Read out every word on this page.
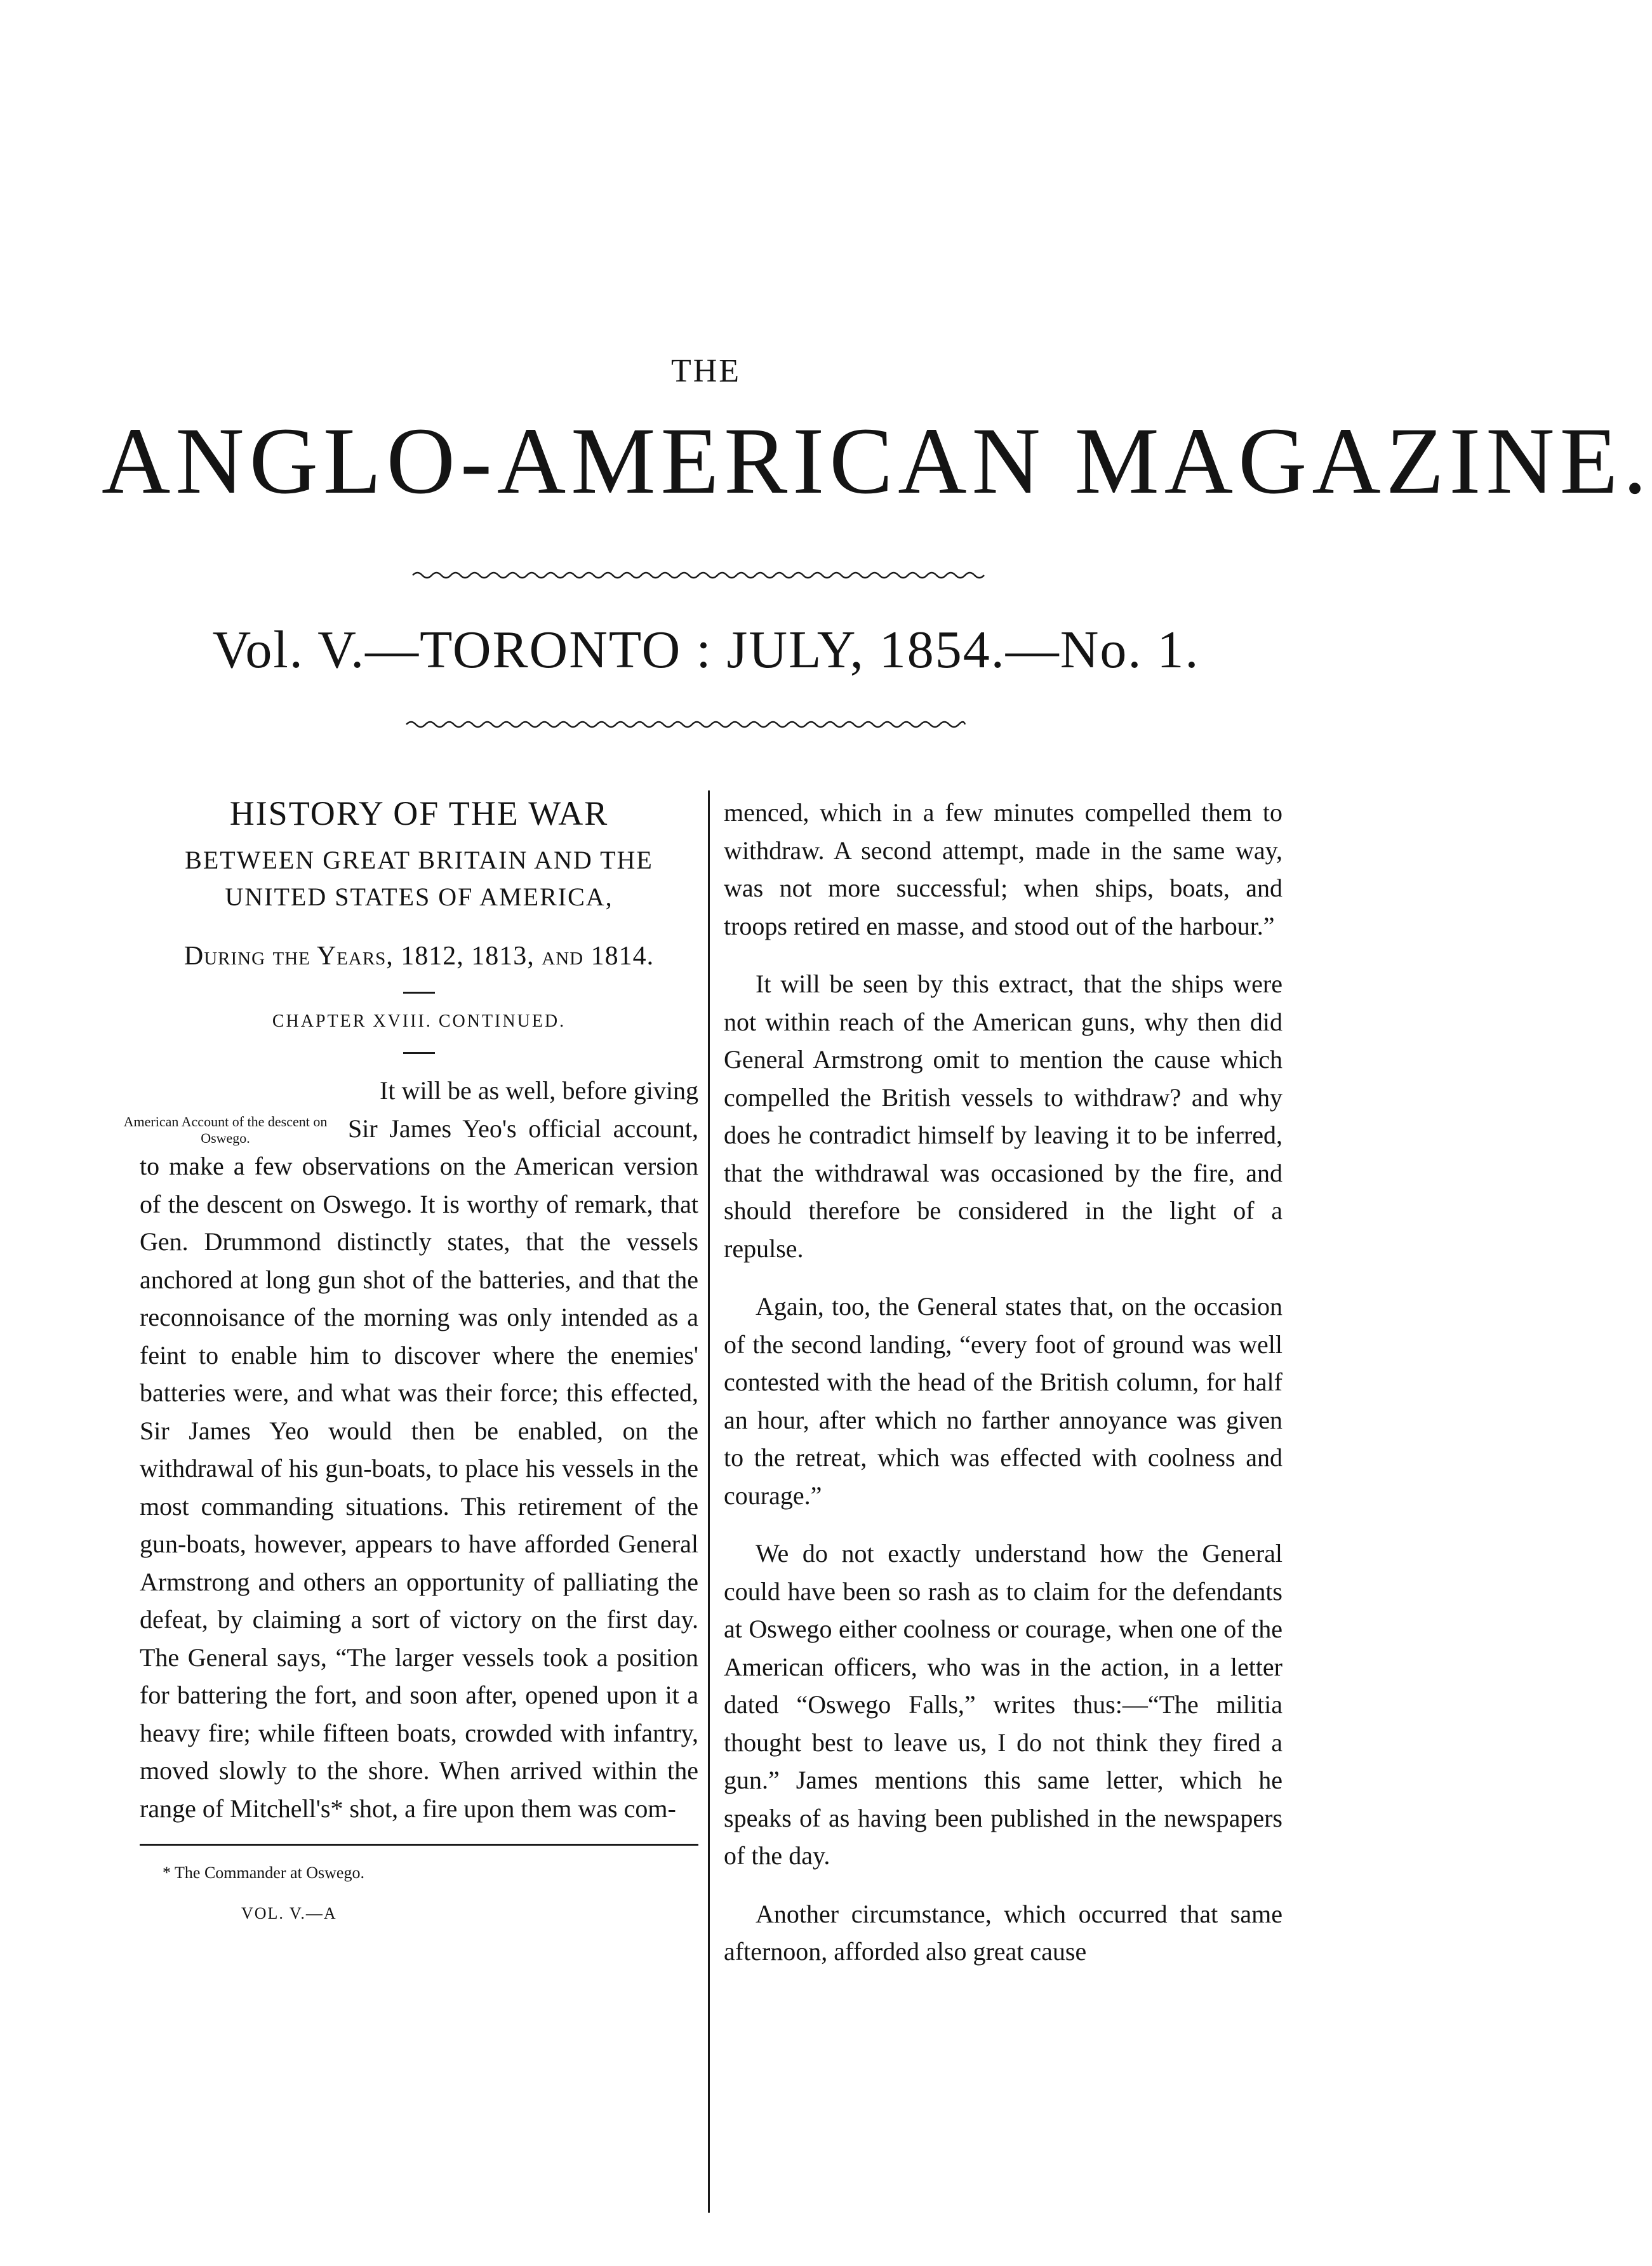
THE
ANGLO-AMERICAN MAGAZINE.
Vol. V.—TORONTO : JULY, 1854.—No. 1.
HISTORY OF THE WAR
BETWEEN GREAT BRITAIN AND THE
UNITED STATES OF AMERICA,
During the Years, 1812, 1813, and 1814.
CHAPTER XVIII. CONTINUED.
American Account of the descent on Oswego.

It will be as well, before giving Sir James Yeo's official account, to make a few observations on the American version of the descent on Oswego. It is worthy of remark, that Gen. Drummond distinctly states, that the vessels anchored at long gun shot of the batteries, and that the reconnoisance of the morning was only intended as a feint to enable him to discover where the enemies' batteries were, and what was their force; this effected, Sir James Yeo would then be enabled, on the withdrawal of his gun-boats, to place his vessels in the most commanding situations. This retirement of the gun-boats, however, appears to have afforded General Armstrong and others an opportunity of palliating the defeat, by claiming a sort of victory on the first day. The General says, “The larger vessels took a position for battering the fort, and soon after, opened upon it a heavy fire; while fifteen boats, crowded with infantry, moved slowly to the shore. When arrived within the range of Mitchell's* shot, a fire upon them was com-

* The Commander at Oswego.
VOL. V.—A

menced, which in a few minutes compelled them to withdraw. A second attempt, made in the same way, was not more successful; when ships, boats, and troops retired en masse, and stood out of the harbour.”

It will be seen by this extract, that the ships were not within reach of the American guns, why then did General Armstrong omit to mention the cause which compelled the British vessels to withdraw? and why does he contradict himself by leaving it to be inferred, that the withdrawal was occasioned by the fire, and should therefore be considered in the light of a repulse.

Again, too, the General states that, on the occasion of the second landing, “every foot of ground was well contested with the head of the British column, for half an hour, after which no farther annoyance was given to the retreat, which was effected with coolness and courage.”

We do not exactly understand how the General could have been so rash as to claim for the defendants at Oswego either coolness or courage, when one of the American officers, who was in the action, in a letter dated “Oswego Falls,” writes thus:—“The militia thought best to leave us, I do not think they fired a gun.” James mentions this same letter, which he speaks of as having been published in the newspapers of the day.

Another circumstance, which occurred that same afternoon, afforded also great cause
